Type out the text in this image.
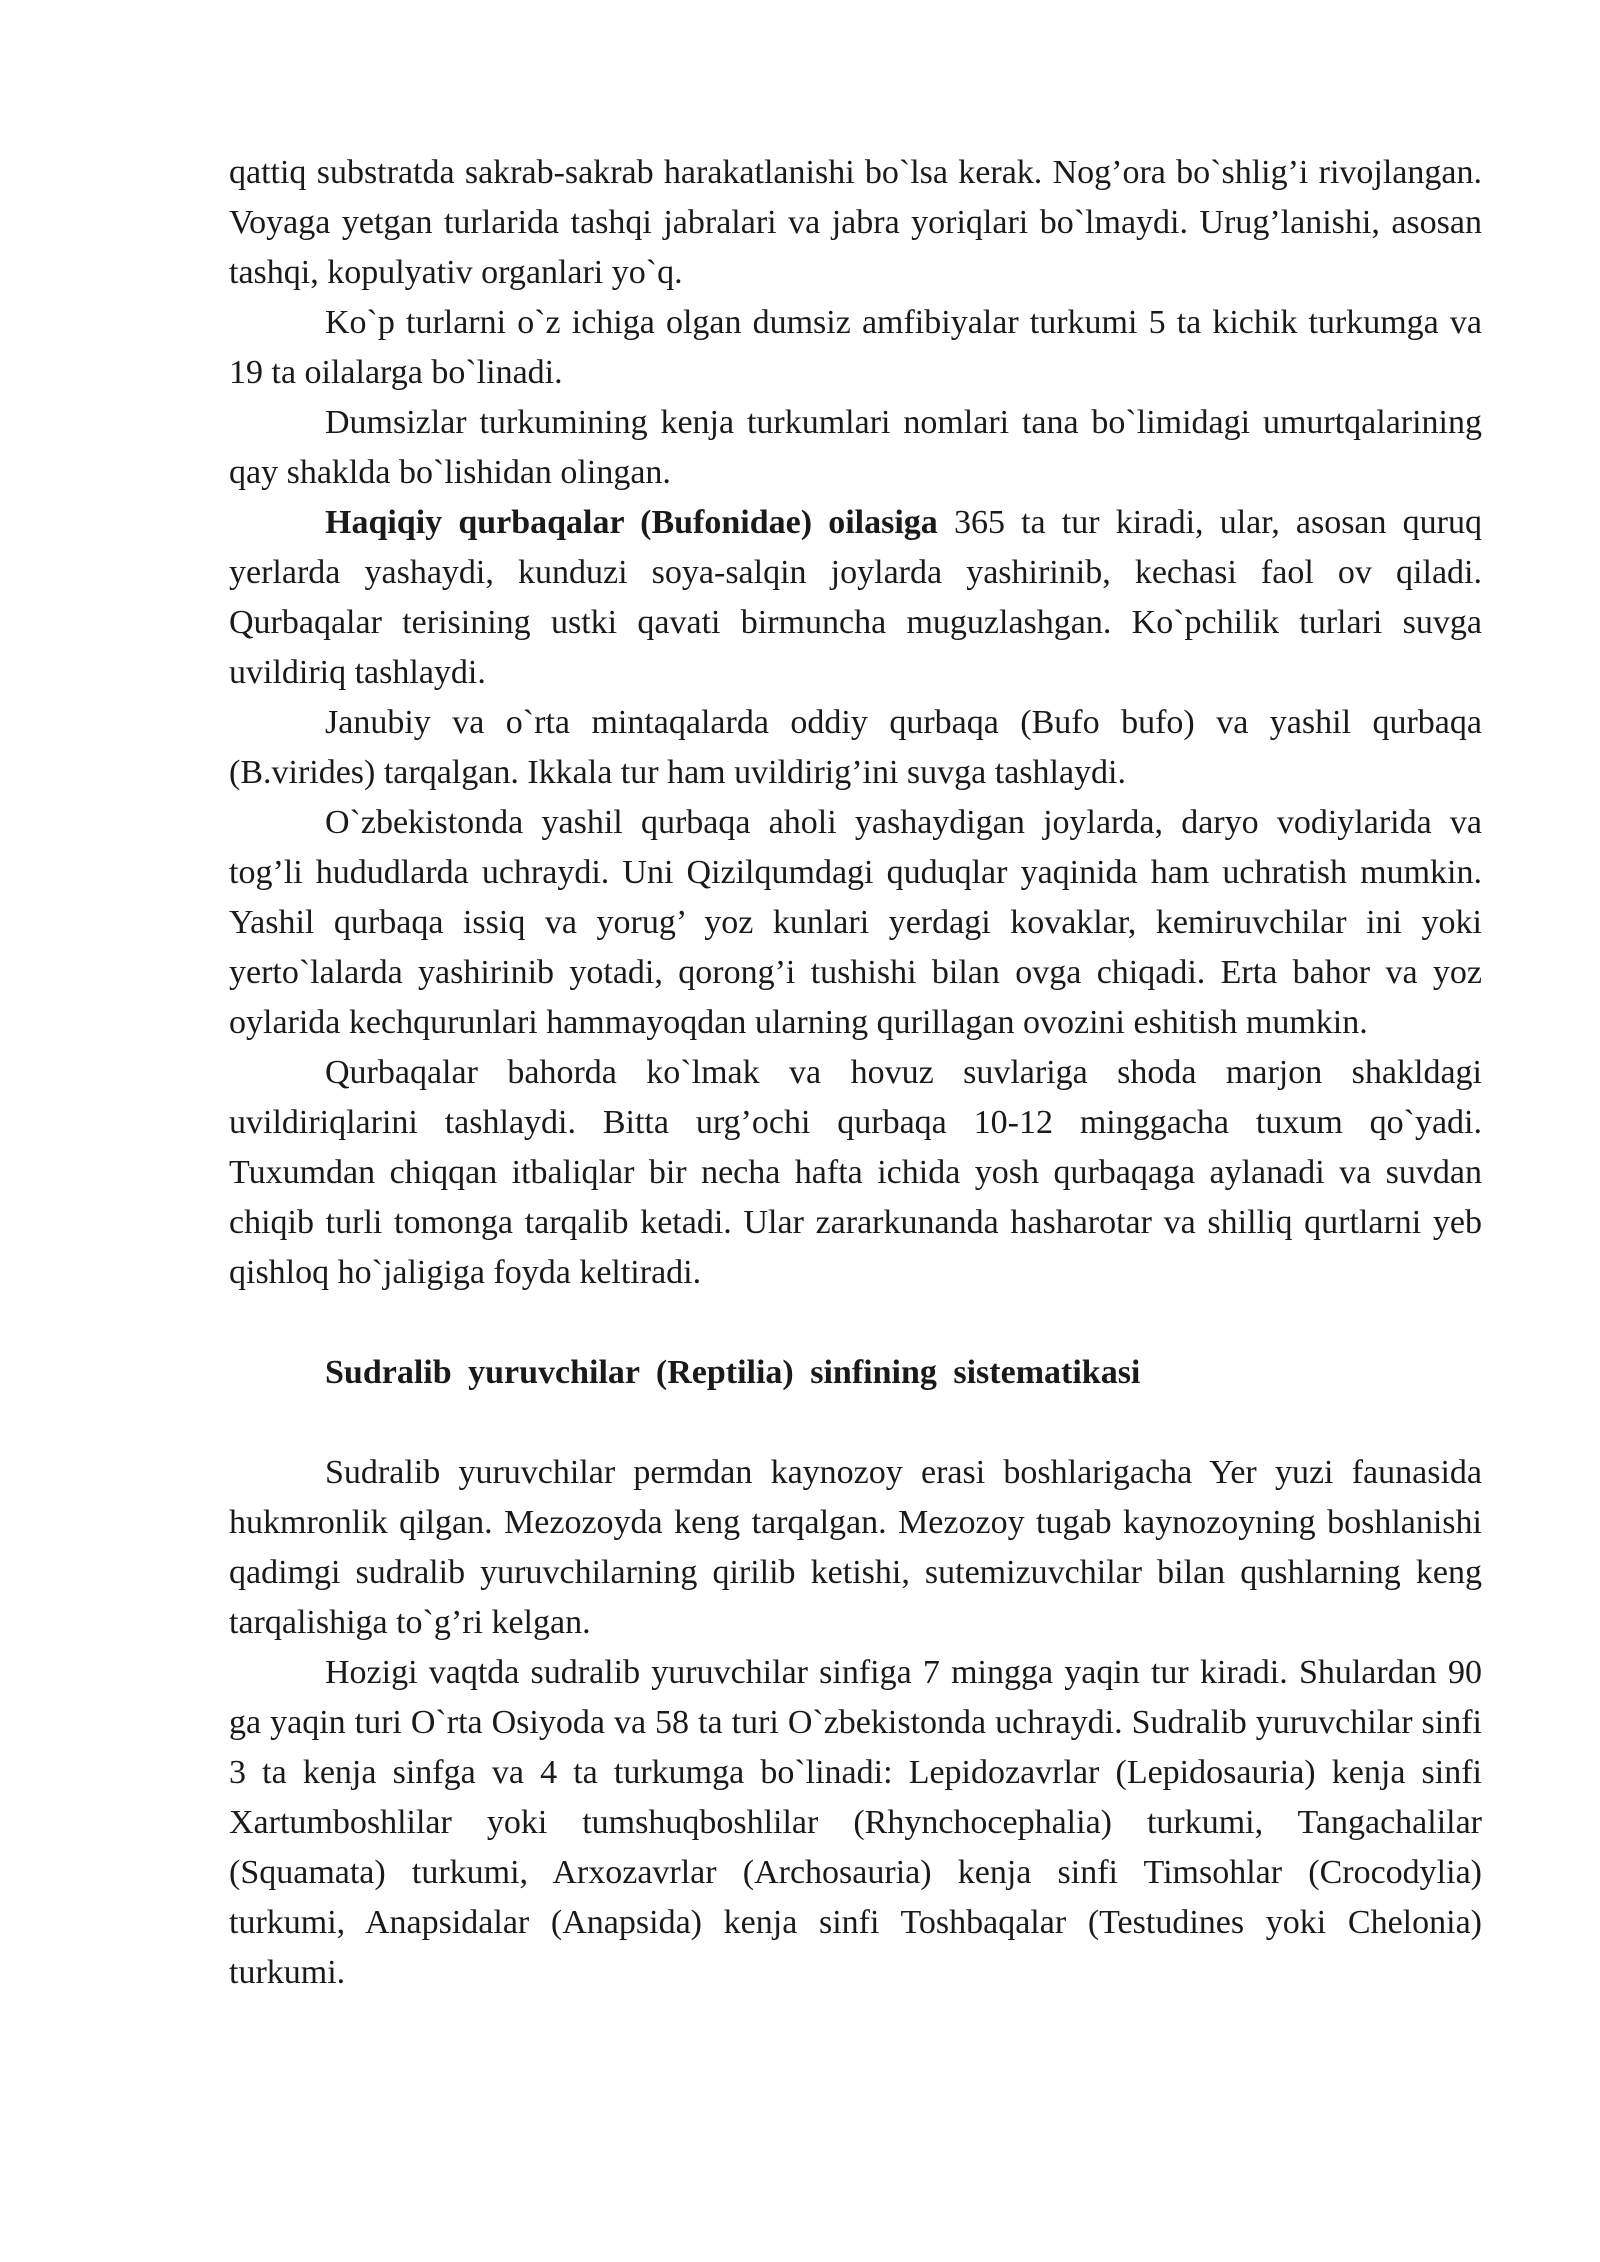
qattiq substratda sakrab-sakrab harakatlanishi bo`lsa kerak. Nog’ora bo`shlig’i rivojlangan. Voyaga yetgan turlarida tashqi jabralari va jabra yoriqlari bo`lmaydi. Urug’lanishi, asosan tashqi, kopulyativ organlari yo`q.

Ko`p turlarni o`z ichiga olgan dumsiz amfibiyalar turkumi 5 ta kichik turkumga va 19 ta oilalarga bo`linadi.

Dumsizlar turkumining kenja turkumlari nomlari tana bo`limidagi umurtqalarining qay shaklda bo`lishidan olingan.

Haqiqiy qurbaqalar (Bufonidae) oilasiga 365 ta tur kiradi, ular, asosan quruq yerlarda yashaydi, kunduzi soya-salqin joylarda yashirinib, kechasi faol ov qiladi. Qurbaqalar terisining ustki qavati birmuncha muguzlashgan. Ko`pchilik turlari suvga uvildiriq tashlaydi.

Janubiy va o`rta mintaqalarda oddiy qurbaqa (Bufo bufo) va yashil qurbaqa (B.virides) tarqalgan. Ikkala tur ham uvildirig’ini suvga tashlaydi.

O`zbekistonda yashil qurbaqa aholi yashaydigan joylarda, daryo vodiylarida va tog’li hududlarda uchraydi. Uni Qizilqumdagi quduqlar yaqinida ham uchratish mumkin. Yashil qurbaqa issiq va yorug’ yoz kunlari yerdagi kovaklar, kemiruvchilar ini yoki yerto`lalarda yashirinib yotadi, qorong’i tushishi bilan ovga chiqadi. Erta bahor va yoz oylarida kechqurunlari hammayoqdan ularning qurillagan ovozini eshitish mumkin.

Qurbaqalar bahorda ko`lmak va hovuz suvlariga shoda marjon shakldagi uvildiriqlarini tashlaydi. Bitta urg’ochi qurbaqa 10-12 minggacha tuxum qo`yadi. Tuxumdan chiqqan itbaliqlar bir necha hafta ichida yosh qurbaqaga aylanadi va suvdan chiqib turli tomonga tarqalib ketadi. Ular zararkunanda hasharotar va shilliq qurtlarni yeb qishloq ho`jaligiga foyda keltiradi.

Sudralib yuruvchilar (Reptilia) sinfining sistematikasi

Sudralib yuruvchilar permdan kaynozoy erasi boshlarigacha Yer yuzi faunasida hukmronlik qilgan. Mezozoyda keng tarqalgan. Mezozoy tugab kaynozoyning boshlanishi qadimgi sudralib yuruvchilarning qirilib ketishi, sutemizuvchilar bilan qushlarning keng tarqalishiga to`g’ri kelgan.

Hozigi vaqtda sudralib yuruvchilar sinfiga 7 mingga yaqin tur kiradi. Shulardan 90 ga yaqin turi O`rta Osiyoda va 58 ta turi O`zbekistonda uchraydi. Sudralib yuruvchilar sinfi 3 ta kenja sinfga va 4 ta turkumga bo`linadi: Lepidozavrlar (Lepidosauria) kenja sinfi Xartumboshlilar yoki tumshuqboshlilar (Rhynchocephalia) turkumi, Tangachalilar (Squamata) turkumi, Arxozavrlar (Archosauria) kenja sinfi Timsohlar (Crocodylia) turkumi, Anapsidalar (Anapsida) kenja sinfi Toshbaqalar (Testudines yoki Chelonia) turkumi.
